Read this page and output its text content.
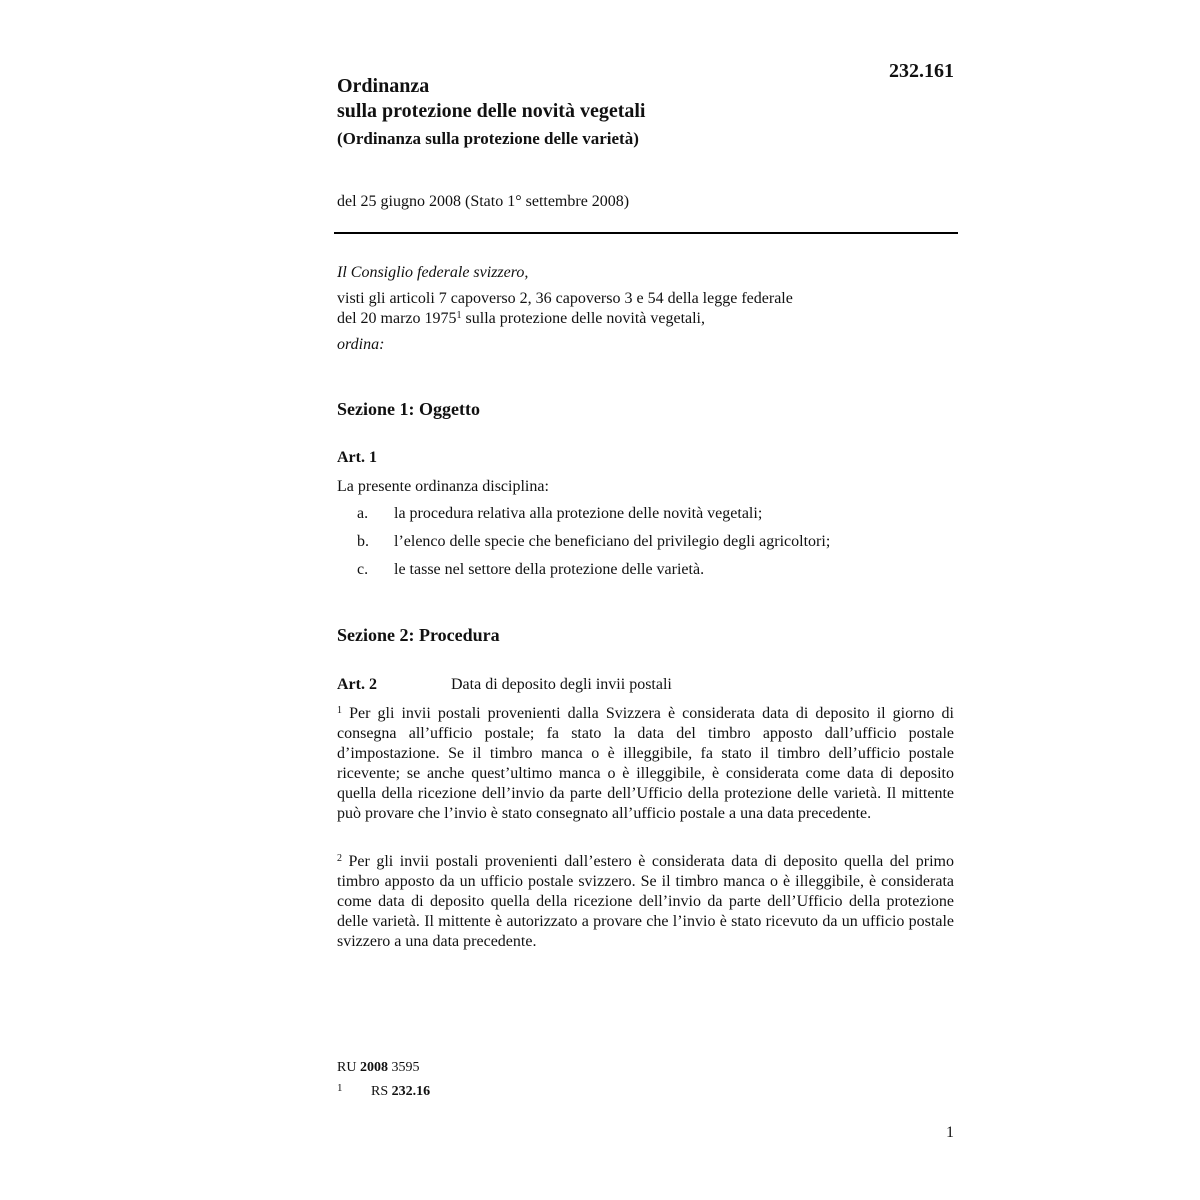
232.161
Ordinanza
sulla protezione delle novità vegetali
(Ordinanza sulla protezione delle varietà)
del 25 giugno 2008 (Stato 1° settembre 2008)

Il Consiglio federale svizzero,

visti gli articoli 7 capoverso 2, 36 capoverso 3 e 54 della legge federale

del 20 marzo 1975$^1$ sulla protezione delle novità vegetali,

ordina:

Sezione 1: Oggetto
Art. 1
La presente ordinanza disciplina:
a. la procedura relativa alla protezione delle novità vegetali;
b. l’elenco delle specie che beneficiano del privilegio degli agricoltori;
c. le tasse nel settore della protezione delle varietà.
Sezione 2: Procedura
Art. 2	Data di deposito degli invii postali
$^1$ Per gli invii postali provenienti dalla Svizzera è considerata data di deposito il giorno di consegna all’ufficio postale; fa stato la data del timbro apposto dall’ufficio postale d’impostazione. Se il timbro manca o è illeggibile, fa stato il timbro dell’ufficio postale ricevente; se anche quest’ultimo manca o è illeggibile, è considerata come data di deposito quella della ricezione dell’invio da parte dell’Ufficio della protezione delle varietà. Il mittente può provare che l’invio è stato consegnato all’ufficio postale a una data precedente.
$^2$ Per gli invii postali provenienti dall’estero è considerata data di deposito quella del primo timbro apposto da un ufficio postale svizzero. Se il timbro manca o è illeggibile, è considerata come data di deposito quella della ricezione dell’invio da parte dell’Ufficio della protezione delle varietà. Il mittente è autorizzato a provare che l’invio è stato ricevuto da un ufficio postale svizzero a una data precedente.
RU 2008 3595
1 RS 232.16
1
